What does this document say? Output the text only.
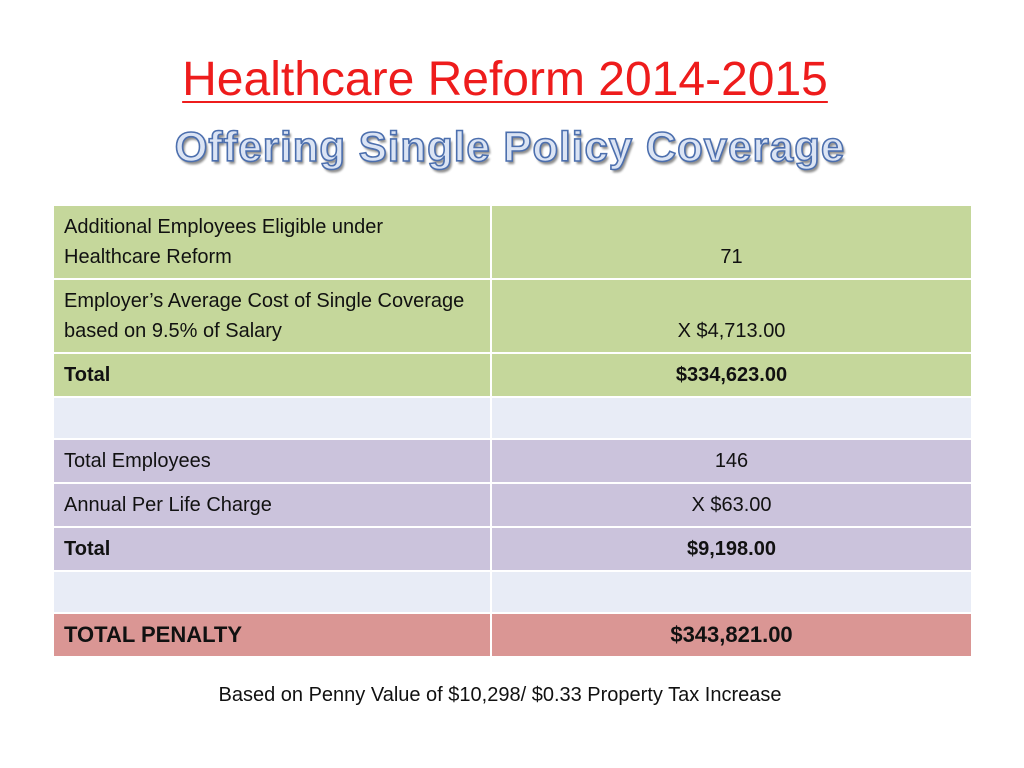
Healthcare Reform 2014-2015
Offering Single Policy Coverage
Additional Employees Eligible under Healthcare Reform	71
Employer’s Average Cost of Single Coverage based on 9.5% of Salary	X $4,713.00
Total	$334,623.00

Total Employees	146
Annual Per Life Charge	X $63.00
Total	$9,198.00

TOTAL PENALTY	$343,821.00
Based on Penny Value of $10,298/ $0.33 Property Tax Increase
